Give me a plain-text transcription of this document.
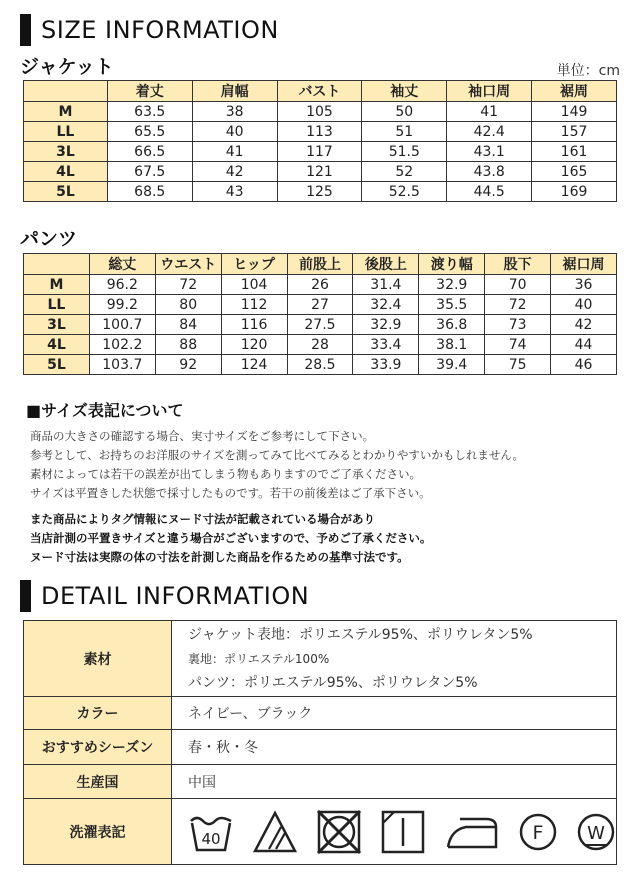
SIZE INFORMATION
ジャケット	単位：cm
	着丈	肩幅	バスト	袖丈	袖口周	裾周
M	63.5	38	105	50	41	149
LL	65.5	40	113	51	42.4	157
3L	66.5	41	117	51.5	43.1	161
4L	67.5	42	121	52	43.8	165
5L	68.5	43	125	52.5	44.5	169
パンツ
	総丈	ウエスト	ヒップ	前股上	後股上	渡り幅	股下	裾口周
M	96.2	72	104	26	31.4	32.9	70	36
LL	99.2	80	112	27	32.4	35.5	72	40
3L	100.7	84	116	27.5	32.9	36.8	73	42
4L	102.2	88	120	28	33.4	38.1	74	44
5L	103.7	92	124	28.5	33.9	39.4	75	46
■サイズ表記について
商品の大きさの確認する場合、実寸サイズをご参考にして下さい。
参考として、お持ちのお洋服のサイズを測ってみて比べてみるとわかりやすいかもしれません。
素材によっては若干の誤差が出てしまう物もありますのでご了承ください。
サイズは平置きした状態で採寸したものです。若干の前後差はご了承下さい。
また商品によりタグ情報にヌード寸法が記載されている場合があり
当店計測の平置きサイズと違う場合がございますので、予めご了承ください。
ヌード寸法は実際の体の寸法を計測した商品を作るための基準寸法です。
DETAIL INFORMATION
素材	ジャケット表地：ポリエステル95%、ポリウレタン5%
裏地：ポリエステル100%
パンツ：ポリエステル95%、ポリウレタン5%

カラー	ネイビー、ブラック
おすすめシーズン	春・秋・冬
生産国	中国
洗濯表記	40 F W
